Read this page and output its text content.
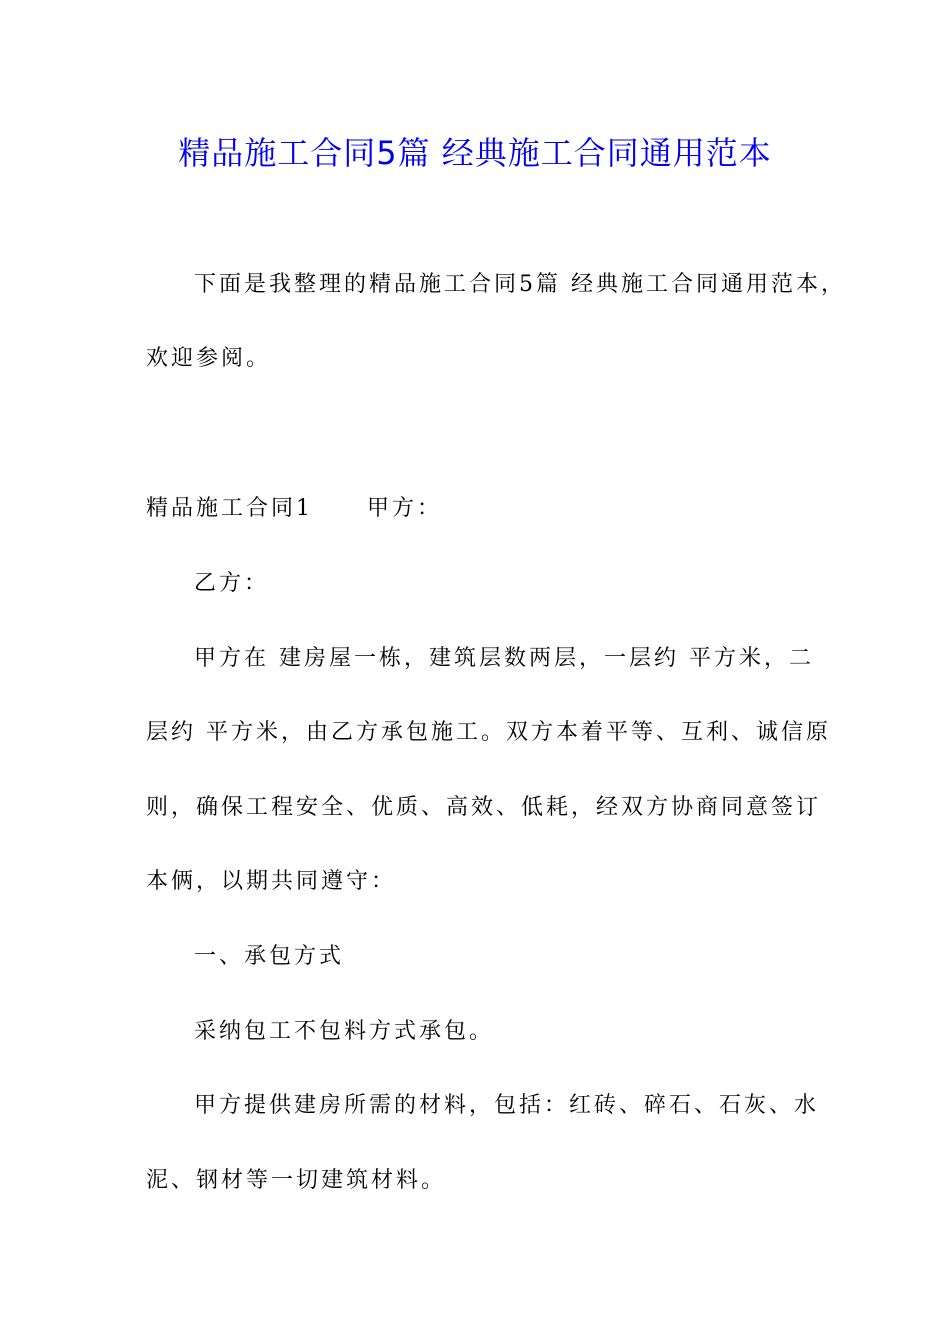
精品施工合同5篇 经典施工合同通用范本
下面是我整理的精品施工合同5篇 经典施工合同通用范本，
欢迎参阅。
精品施工合同1 甲方：
乙方：
甲方在 建房屋一栋，建筑层数两层，一层约 平方米，二
层约 平方米，由乙方承包施工。双方本着平等、互利、诚信原
则，确保工程安全、优质、高效、低耗，经双方协商同意签订
本俩，以期共同遵守：
一、承包方式
采纳包工不包料方式承包。
甲方提供建房所需的材料，包括：红砖、碎石、石灰、水
泥、钢材等一切建筑材料。
